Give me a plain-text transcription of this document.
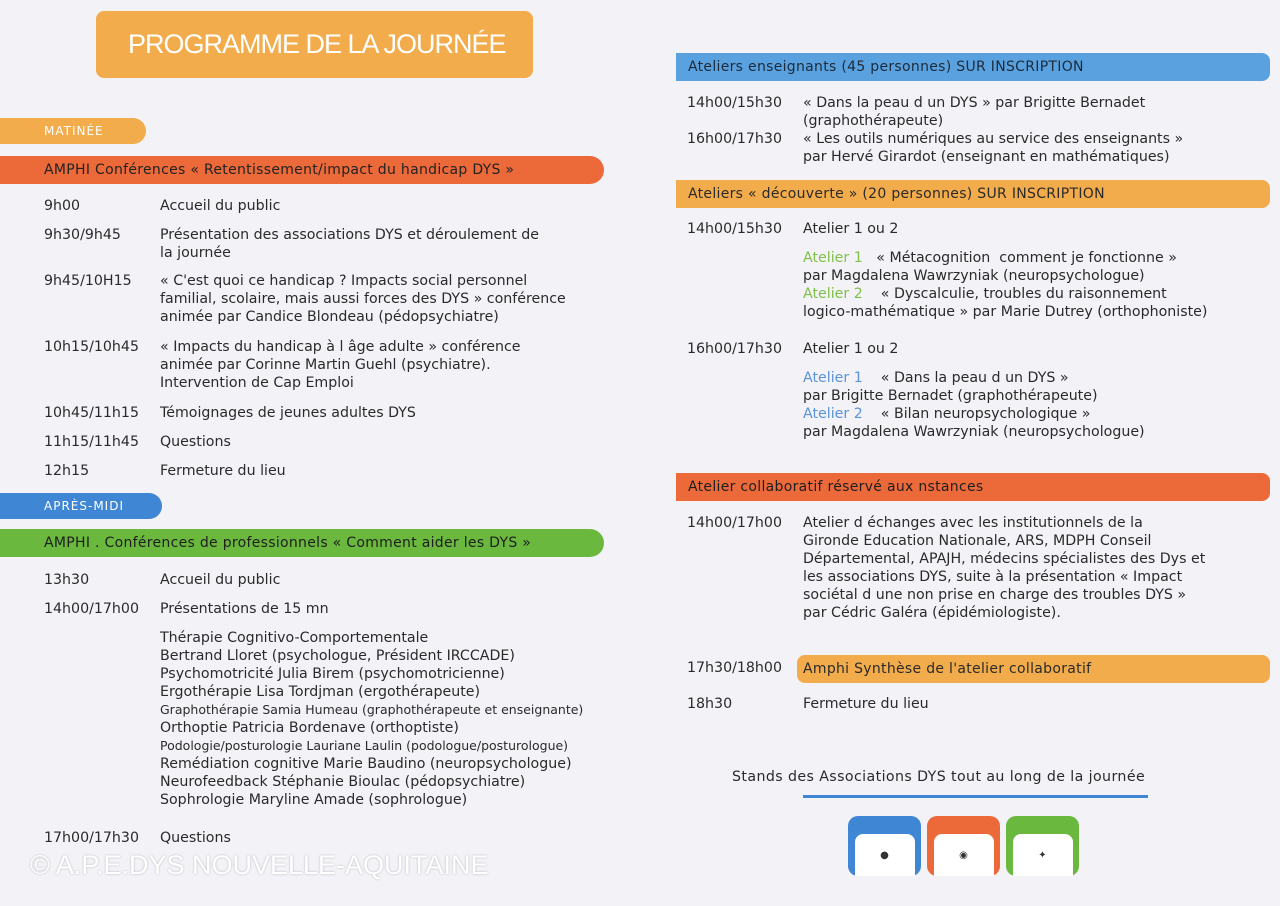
PROGRAMME DE LA JOURNÉE
MATINÉE
AMPHI Conférences « Retentissement/impact du handicap DYS »
9h00	Accueil du public
9h30/9h45	Présentation des associations DYS et déroulement de
la journée
9h45/10H15 « C'est quoi ce handicap ? Impacts social personnel
familial, scolaire, mais aussi forces des DYS » conférence
animée par Candice Blondeau (pédopsychiatre)
10h15/10h45 « Impacts du handicap à l âge adulte » conférence
animée par Corinne Martin Guehl (psychiatre).
Intervention de Cap Emploi
10h45/11h15 Témoignages de jeunes adultes DYS
11h15/11h45 Questions
12h15	Fermeture du lieu
APRÈS-MIDI
AMPHI . Conférences de professionnels « Comment aider les DYS »
13h30	Accueil du public
14h00/17h00 Présentations de 15 mn
Thérapie Cognitivo-Comportementale
Bertrand Lloret (psychologue, Président IRCCADE)
Psychomotricité Julia Birem (psychomotricienne)
Ergothérapie Lisa Tordjman (ergothérapeute)
Graphothérapie Samia Humeau (graphothérapeute et enseignante)
Orthoptie Patricia Bordenave (orthoptiste)
Podologie/posturologie Lauriane Laulin (podologue/posturologue)
Remédiation cognitive Marie Baudino (neuropsychologue)
Neurofeedback Stéphanie Bioulac (pédopsychiatre)
Sophrologie Maryline Amade (sophrologue)
17h00/17h30 Questions
© A.P.E.DYS NOUVELLE-AQUITAINE
Ateliers enseignants (45 personnes) SUR INSCRIPTION
14h00/15h30 « Dans la peau d un DYS » par Brigitte Bernadet
(graphothérapeute)
16h00/17h30 « Les outils numériques au service des enseignants »
par Hervé Girardot (enseignant en mathématiques)
Ateliers « découverte » (20 personnes) SUR INSCRIPTION
14h00/15h30 Atelier 1 ou 2
Atelier 1   « Métacognition  comment je fonctionne »
par Magdalena Wawrzyniak (neuropsychologue)
Atelier 2    « Dyscalculie, troubles du raisonnement
logico-mathématique » par Marie Dutrey (orthophoniste)
16h00/17h30 Atelier 1 ou 2
Atelier 1    « Dans la peau d un DYS »
par Brigitte Bernadet (graphothérapeute)
Atelier 2    « Bilan neuropsychologique »
par Magdalena Wawrzyniak (neuropsychologue)
Atelier collaboratif réservé aux nstances
14h00/17h00 Atelier d échanges avec les institutionnels de la
Gironde Education Nationale, ARS, MDPH Conseil
Départemental, APAJH, médecins spécialistes des Dys et
les associations DYS, suite à la présentation « Impact
sociétal d une non prise en charge des troubles DYS »
par Cédric Galéra (épidémiologiste).
17h30/18h00	Amphi Synthèse de l'atelier collaboratif
18h30	Fermeture du lieu
Stands des Associations DYS tout au long de la journée
●	◉	✦
